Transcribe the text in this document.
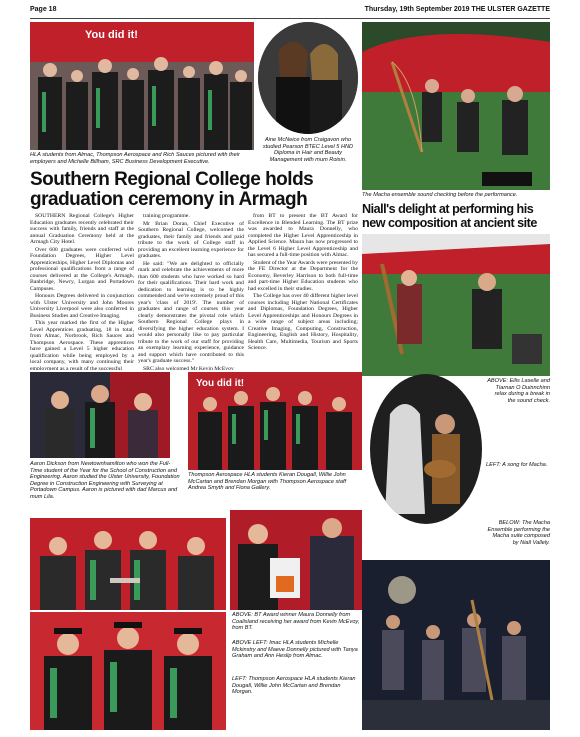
Page 18	Thursday, 19th September 2019 THE ULSTER GAZETTE
You did it!
HLA students from Almac, Thompson Aerospace and Rich Sauces pictured with their employers and Michelle Billham, SRC Business Development Executive.
Aine McNeice from Craigavon who studied Pearson BTEC Level 5 HND Diploma in Hair and Beauty Management with mum Roisin.
Southern Regional College holds
graduation ceremony in Armagh	The Macha ensemble sound checking before the performance.
Niall's delight at performing his
new composition at ancient site

SOUTHERN Regional College's Higher Education graduates recently celebrated their success with family, friends and staff at the annual Graduation Ceremony held at the Armagh City Hotel.

Over 600 graduates were conferred with Foundation Degrees, Higher Level Apprenticeships, Higher Level Diplomas and professional qualifications from a range of courses delivered at the College's Armagh, Banbridge, Newry, Lurgan and Portadown Campuses.

Honours Degrees delivered in conjunction with Ulster University and John Moores University Liverpool were also conferred in Business Studies and Creative Imaging.

This year marked the first of the Higher Level Apprentices graduating, 18 in total, from Almac, Norbrook, Rich Sauces and Thompson Aerospace. These apprentices have gained a Level 5 higher education qualification while being employed by a local company, with many continuing their employment as a result of the successful

training programme.

Mr Brian Doran, Chief Executive of Southern Regional College, welcomed the graduates, their family and friends and paid tribute to the work of College staff in providing an excellent learning experience for graduates.

He said: "We are delighted to officially mark and celebrate the achievements of more than 600 students who have worked so hard for their qualifications. Their hard work and dedication to learning is to be highly commended and we're extremely proud of this year's 'class of 2019'. The number of graduates and range of courses this year clearly demonstrates the pivotal role which Southern Regional College plays in diversifying the higher education system. I would also personally like to pay particular tribute to the work of our staff for providing an exemplary learning experience, guidance and support which have contributed to this year's graduate success."

SRC also welcomed Mr Kevin McEvoy

from BT to present the BT Award for Excellence in Blended Learning. The BT prize was awarded to Maura Donnelly, who completed the Higher Level Apprenticeship in Applied Science. Maura has now progressed to the Level 6 Higher Level Apprenticeship and has secured a full-time position with Almac.

Student of the Year Awards were presented by the FE Director at the Department for the Economy, Beverley Harrison to both full-time and part-time Higher Education students who had excelled in their studies.

The College has over 40 different higher level courses including Higher National Certificates and Diplomas, Foundation Degrees, Higher Level Apprenticeships and Honours Degrees in a wide range of subject areas including; Creative Imaging, Computing, Construction, Engineering, English and History, Hospitality, Health Care, Multimedia, Tourism and Sports Science.

You did it!	ABOVE: Eilis Laselle and Tiarnan O Duinnchinn relax during a break in the sound check.
LEFT: A song for Macha.
BELOW: The Macha Ensemble performing the Macha suite composed by Niall Vallely.
Aaron Dickson from Newtownhamilton who won the Full-Time student of the Year for the School of Construction and Engineering. Aaron studied the Ulster University, Foundation Degree in Construction Engineering with Surveying at Portadown Campus. Aaron is pictured with dad Marcus and mum Lila.
Thompson Aerospace HLA students Kieran Dougall, Willie John McCartan and Brendan Morgan with Thompson Aerospace staff Andrea Smyth and Fiona Gallery.
ABOVE: BT Award winner Maura Donnelly from Coalisland receiving her award from Kevin McEvoy, from BT.
ABOVE LEFT: Imac HLA students Michelle Mckinstry and Maeve Donnelly pictured with Tanya Graham and Ann Heslip from Almac.
LEFT: Thompson Aerospace HLA students Kieran Dougall, Willie John McCartan and Brendan Morgan.
